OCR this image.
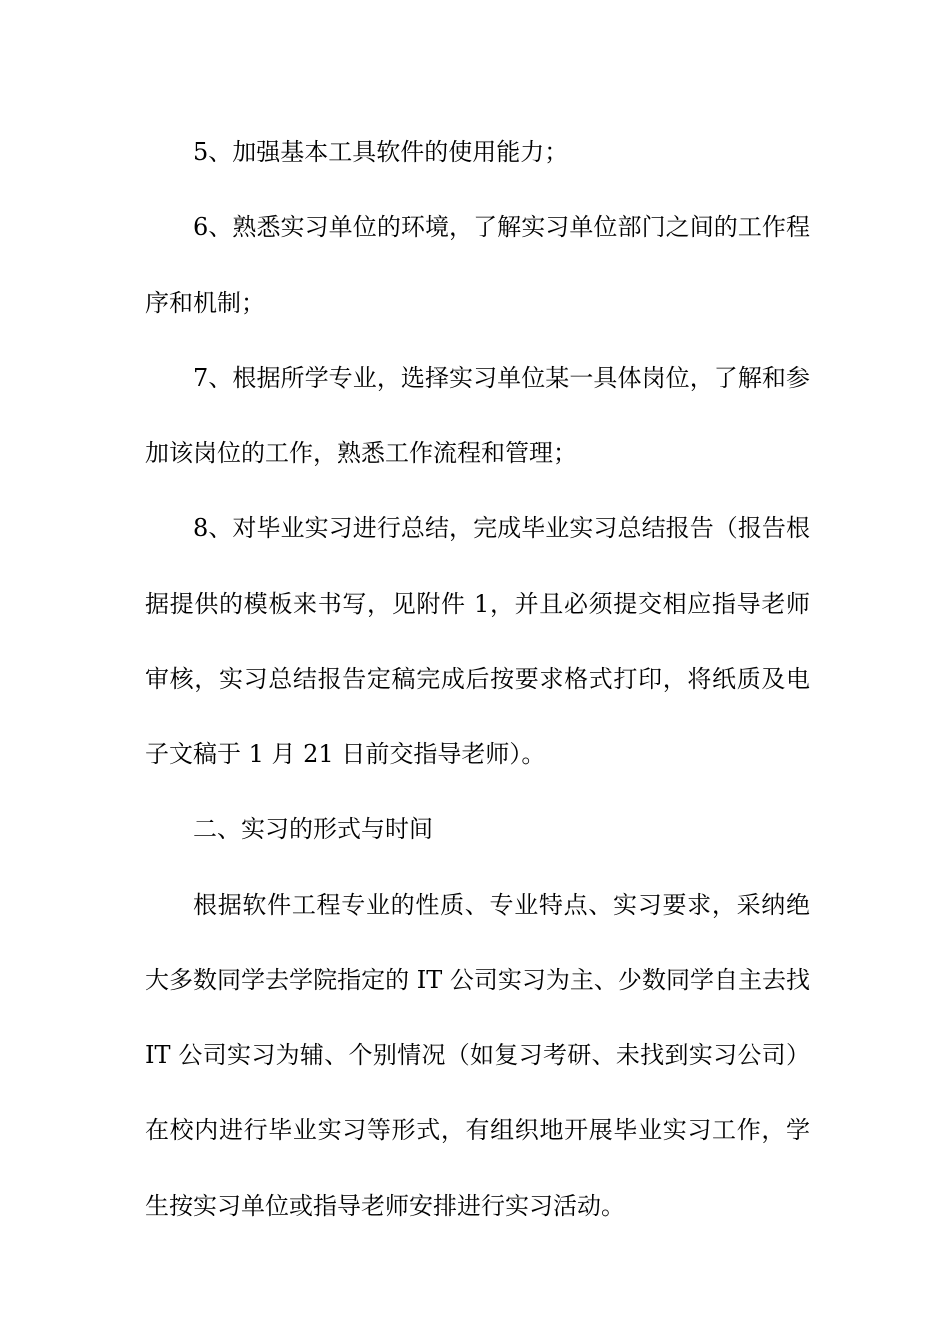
5、加强基本工具软件的使用能力；
6、熟悉实习单位的环境，了解实习单位部门之间的工作程
序和机制；
7、根据所学专业，选择实习单位某一具体岗位，了解和参
加该岗位的工作，熟悉工作流程和管理；
8、对毕业实习进行总结，完成毕业实习总结报告（报告根
据提供的模板来书写，见附件 1，并且必须提交相应指导老师
审核，实习总结报告定稿完成后按要求格式打印，将纸质及电
子文稿于 1 月 21 日前交指导老师）。
二、实习的形式与时间
根据软件工程专业的性质、专业特点、实习要求，采纳绝
大多数同学去学院指定的 IT 公司实习为主、少数同学自主去找
IT 公司实习为辅、个别情况（如复习考研、未找到实习公司）
在校内进行毕业实习等形式，有组织地开展毕业实习工作，学
生按实习单位或指导老师安排进行实习活动。
